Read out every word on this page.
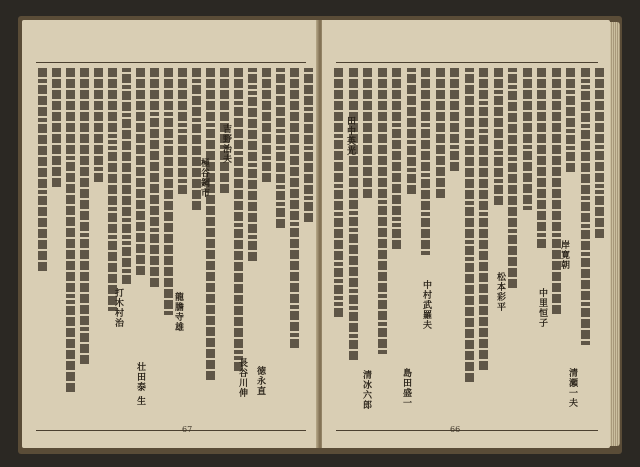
吉野治夫
極谷鋼市
龍膽寺雄
打木村治
長谷川伸 徳永直
壮田泰 生
67
田中英光
松本彩平
中村武羅夫
島田盛一
清冰六郎	清瀬一夫
中里恒子
岸寛朝
66
